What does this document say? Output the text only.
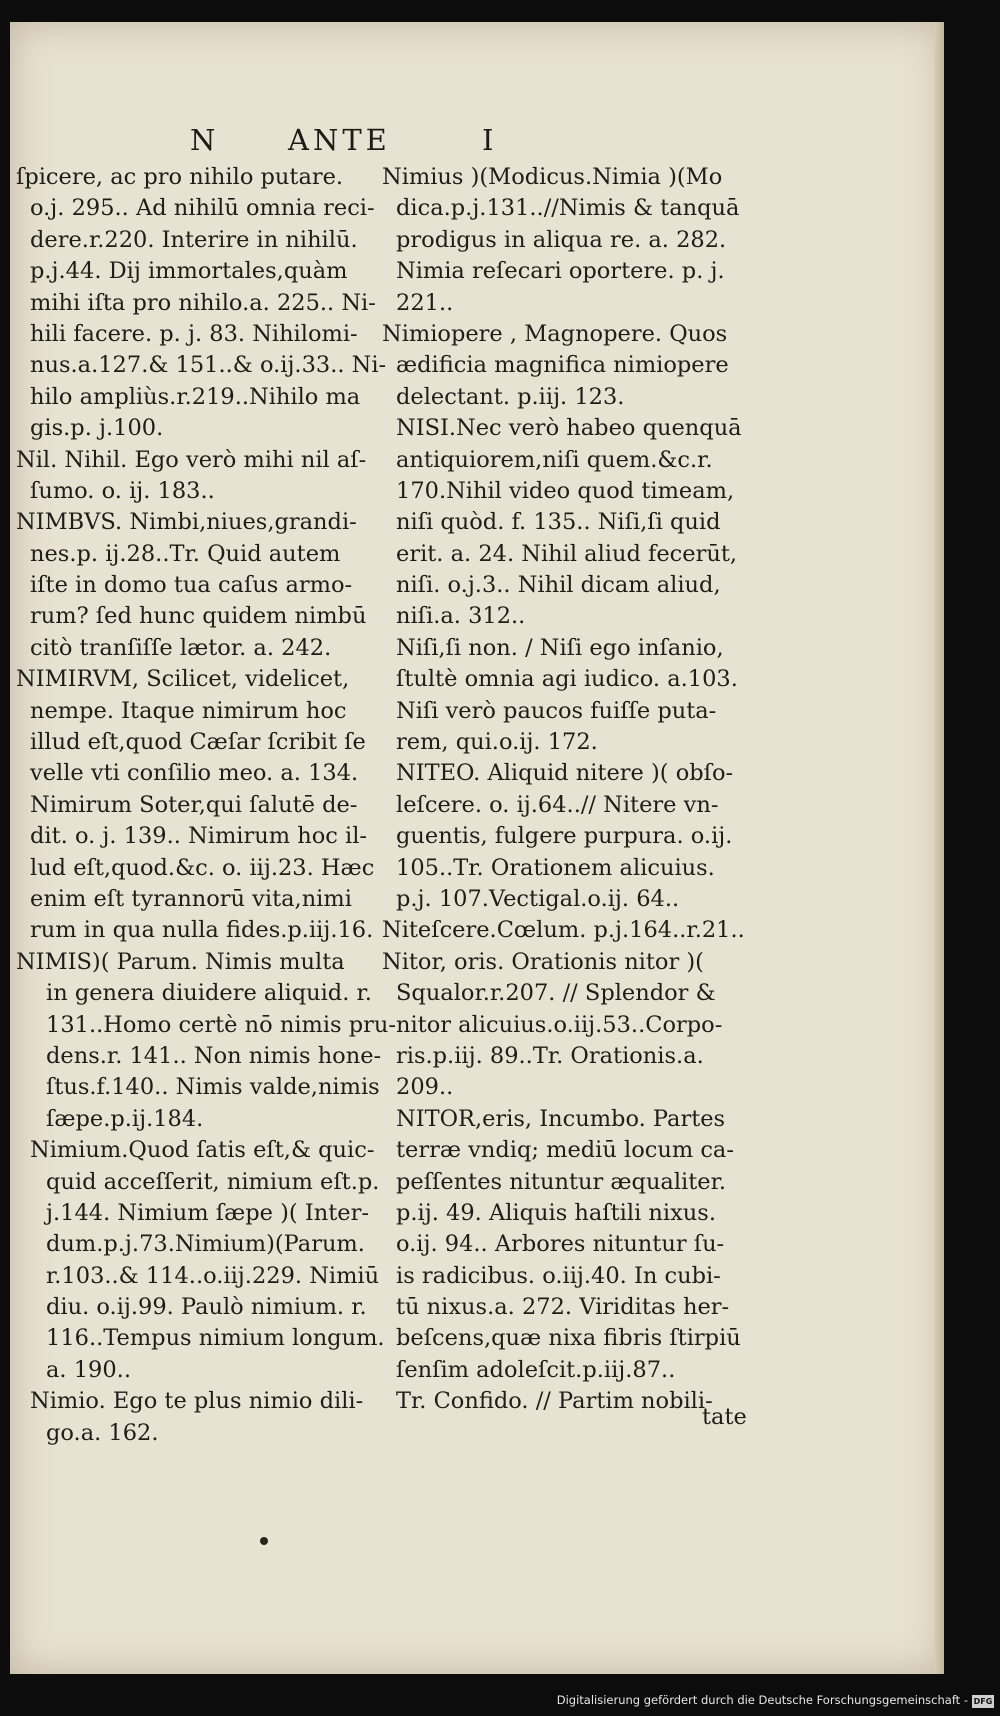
N ANTE	I
ſpicere, ac pro nihilo putare.
o.j. 295.. Ad nihilū omnia reci-
dere.r.220. Interire in nihilū.
p.j.44. Dij immortales,quàm
mihi iſta pro nihilo.a. 225.. Ni-
hili facere. p. j. 83. Nihilomi-
nus.a.127.& 151..& o.ij.33.. Ni-
hilo ampliùs.r.219..Nihilo ma
gis.p. j.100.
Nil. Nihil. Ego verò mihi nil aſ-
ſumo. o. ij. 183..
NIMBVS. Nimbi,niues,grandi-
nes.p. ij.28..Tr. Quid autem
iſte in domo tua caſus armo-
rum? ſed hunc quidem nimbū
citò tranſiſſe lætor. a. 242.
NIMIRVM, Scilicet, videlicet,
nempe. Itaque nimirum hoc
illud eſt,quod Cæſar ſcribit ſe
velle vti conſilio meo. a. 134.
Nimirum Soter,qui ſalutē de-
dit. o. j. 139.. Nimirum hoc il-
lud eſt,quod.&c. o. iij.23. Hæc
enim eſt tyrannorū vita,nimi
rum in qua nulla fides.p.iij.16.
NIMIS)( Parum. Nimis multa
in genera diuidere aliquid. r.
131..Homo certè nō nimis pru-
dens.r. 141.. Non nimis hone-
ſtus.f.140.. Nimis valde,nimis
ſæpe.p.ij.184.
Nimium.Quod ſatis eſt,& quic-
quid acceſſerit, nimium eſt.p.
j.144. Nimium ſæpe )( Inter-
dum.p.j.73.Nimium)(Parum.
r.103..& 114..o.iij.229. Nimiū
diu. o.ij.99. Paulò nimium. r.
116..Tempus nimium longum.
a. 190..
Nimio. Ego te plus nimio dili-
go.a. 162.
Nimius )(Modicus.Nimia )(Mo
dica.p.j.131..//Nimis & tanquā
prodigus in aliqua re. a. 282.
Nimia reſecari oportere. p. j.
221..
Nimiopere , Magnopere. Quos
ædificia magnifica nimiopere
delectant. p.iij. 123.
NISI.Nec verò habeo quenquā
antiquiorem,niſi quem.&c.r.
170.Nihil video quod timeam,
niſi quòd. f. 135.. Niſi,ſi quid
erit. a. 24. Nihil aliud fecerūt,
niſi. o.j.3.. Nihil dicam aliud,
niſi.a. 312..
Niſi,ſi non. / Niſi ego inſanio,
ſtultè omnia agi iudico. a.103.
Niſi verò paucos fuiſſe puta-
rem, qui.o.ij. 172.
NITEO. Aliquid nitere )( obſo-
leſcere. o. ij.64..// Nitere vn-
guentis, fulgere purpura. o.ij.
105..Tr. Orationem alicuius.
p.j. 107.Vectigal.o.ij. 64..
Niteſcere.Cœlum. p.j.164..r.21..
Nitor, oris. Orationis nitor )(
Squalor.r.207. // Splendor &
nitor alicuius.o.iij.53..Corpo-
ris.p.iij. 89..Tr. Orationis.a.
209..
NITOR,eris, Incumbo. Partes
terræ vndiq; mediū locum ca-
peſſentes nituntur æqualiter.
p.ij. 49. Aliquis haſtili nixus.
o.ij. 94.. Arbores nituntur ſu-
is radicibus. o.iij.40. In cubi-
tū nixus.a. 272. Viriditas her-
beſcens,quæ nixa fibris ſtirpiū
ſenſim adoleſcit.p.iij.87..
Tr. Confido. // Partim nobili-
tate
Digitalisierung gefördert durch die Deutsche Forschungsgemeinschaft - DFG
